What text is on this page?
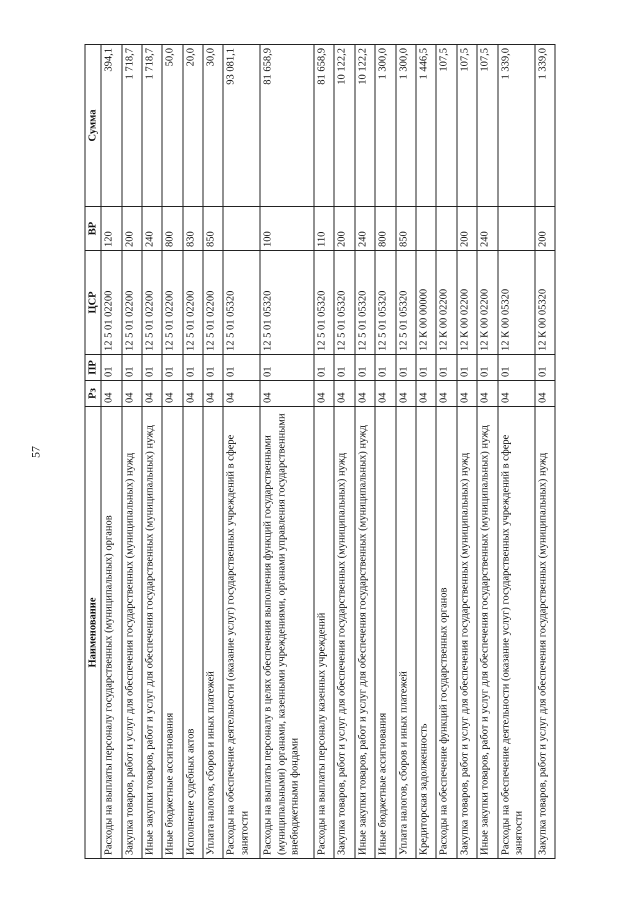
57
Наименование	Рз	ПР	ЦСР	ВР	Сумма
Расходы на выплаты персоналу государственных (муниципальных) органов	04	01	12 5 01 02200	120	394,1
Закупка товаров, работ и услуг для обеспечения государственных (муниципальных) нужд	04	01	12 5 01 02200	200	1 718,7
Иные закупки товаров, работ и услуг для обеспечения государственных (муниципальных) нужд	04	01	12 5 01 02200	240	1 718,7
Иные бюджетные ассигнования	04	01	12 5 01 02200	800	50,0
Исполнение судебных актов	04	01	12 5 01 02200	830	20,0
Уплата налогов, сборов и иных платежей	04	01	12 5 01 02200	850	30,0
Расходы на обеспечение деятельности (оказание услуг) государственных учреждений в сфере занятости	04	01	12 5 01 05320		93 081,1
Расходы на выплаты персоналу в целях обеспечения выполнения функций государственными (муниципальными) органами, казенными учреждениями, органами управления государственными внебюджетными фондами	04	01	12 5 01 05320	100	81 658,9
Расходы на выплаты персоналу казенных учреждений	04	01	12 5 01 05320	110	81 658,9
Закупка товаров, работ и услуг для обеспечения государственных (муниципальных) нужд	04	01	12 5 01 05320	200	10 122,2
Иные закупки товаров, работ и услуг для обеспечения государственных (муниципальных) нужд	04	01	12 5 01 05320	240	10 122,2
Иные бюджетные ассигнования	04	01	12 5 01 05320	800	1 300,0
Уплата налогов, сборов и иных платежей	04	01	12 5 01 05320	850	1 300,0
Кредиторская задолженность	04	01	12 К 00 00000		1 446,5
Расходы на обеспечение функций государственных органов	04	01	12 К 00 02200		107,5
Закупка товаров, работ и услуг для обеспечения государственных (муниципальных) нужд	04	01	12 К 00 02200	200	107,5
Иные закупки товаров, работ и услуг для обеспечения государственных (муниципальных) нужд	04	01	12 К 00 02200	240	107,5
Расходы на обеспечение деятельности (оказание услуг) государственных учреждений в сфере занятости	04	01	12 К 00 05320		1 339,0
Закупка товаров, работ и услуг для обеспечения государственных (муниципальных) нужд	04	01	12 К 00 05320	200	1 339,0
